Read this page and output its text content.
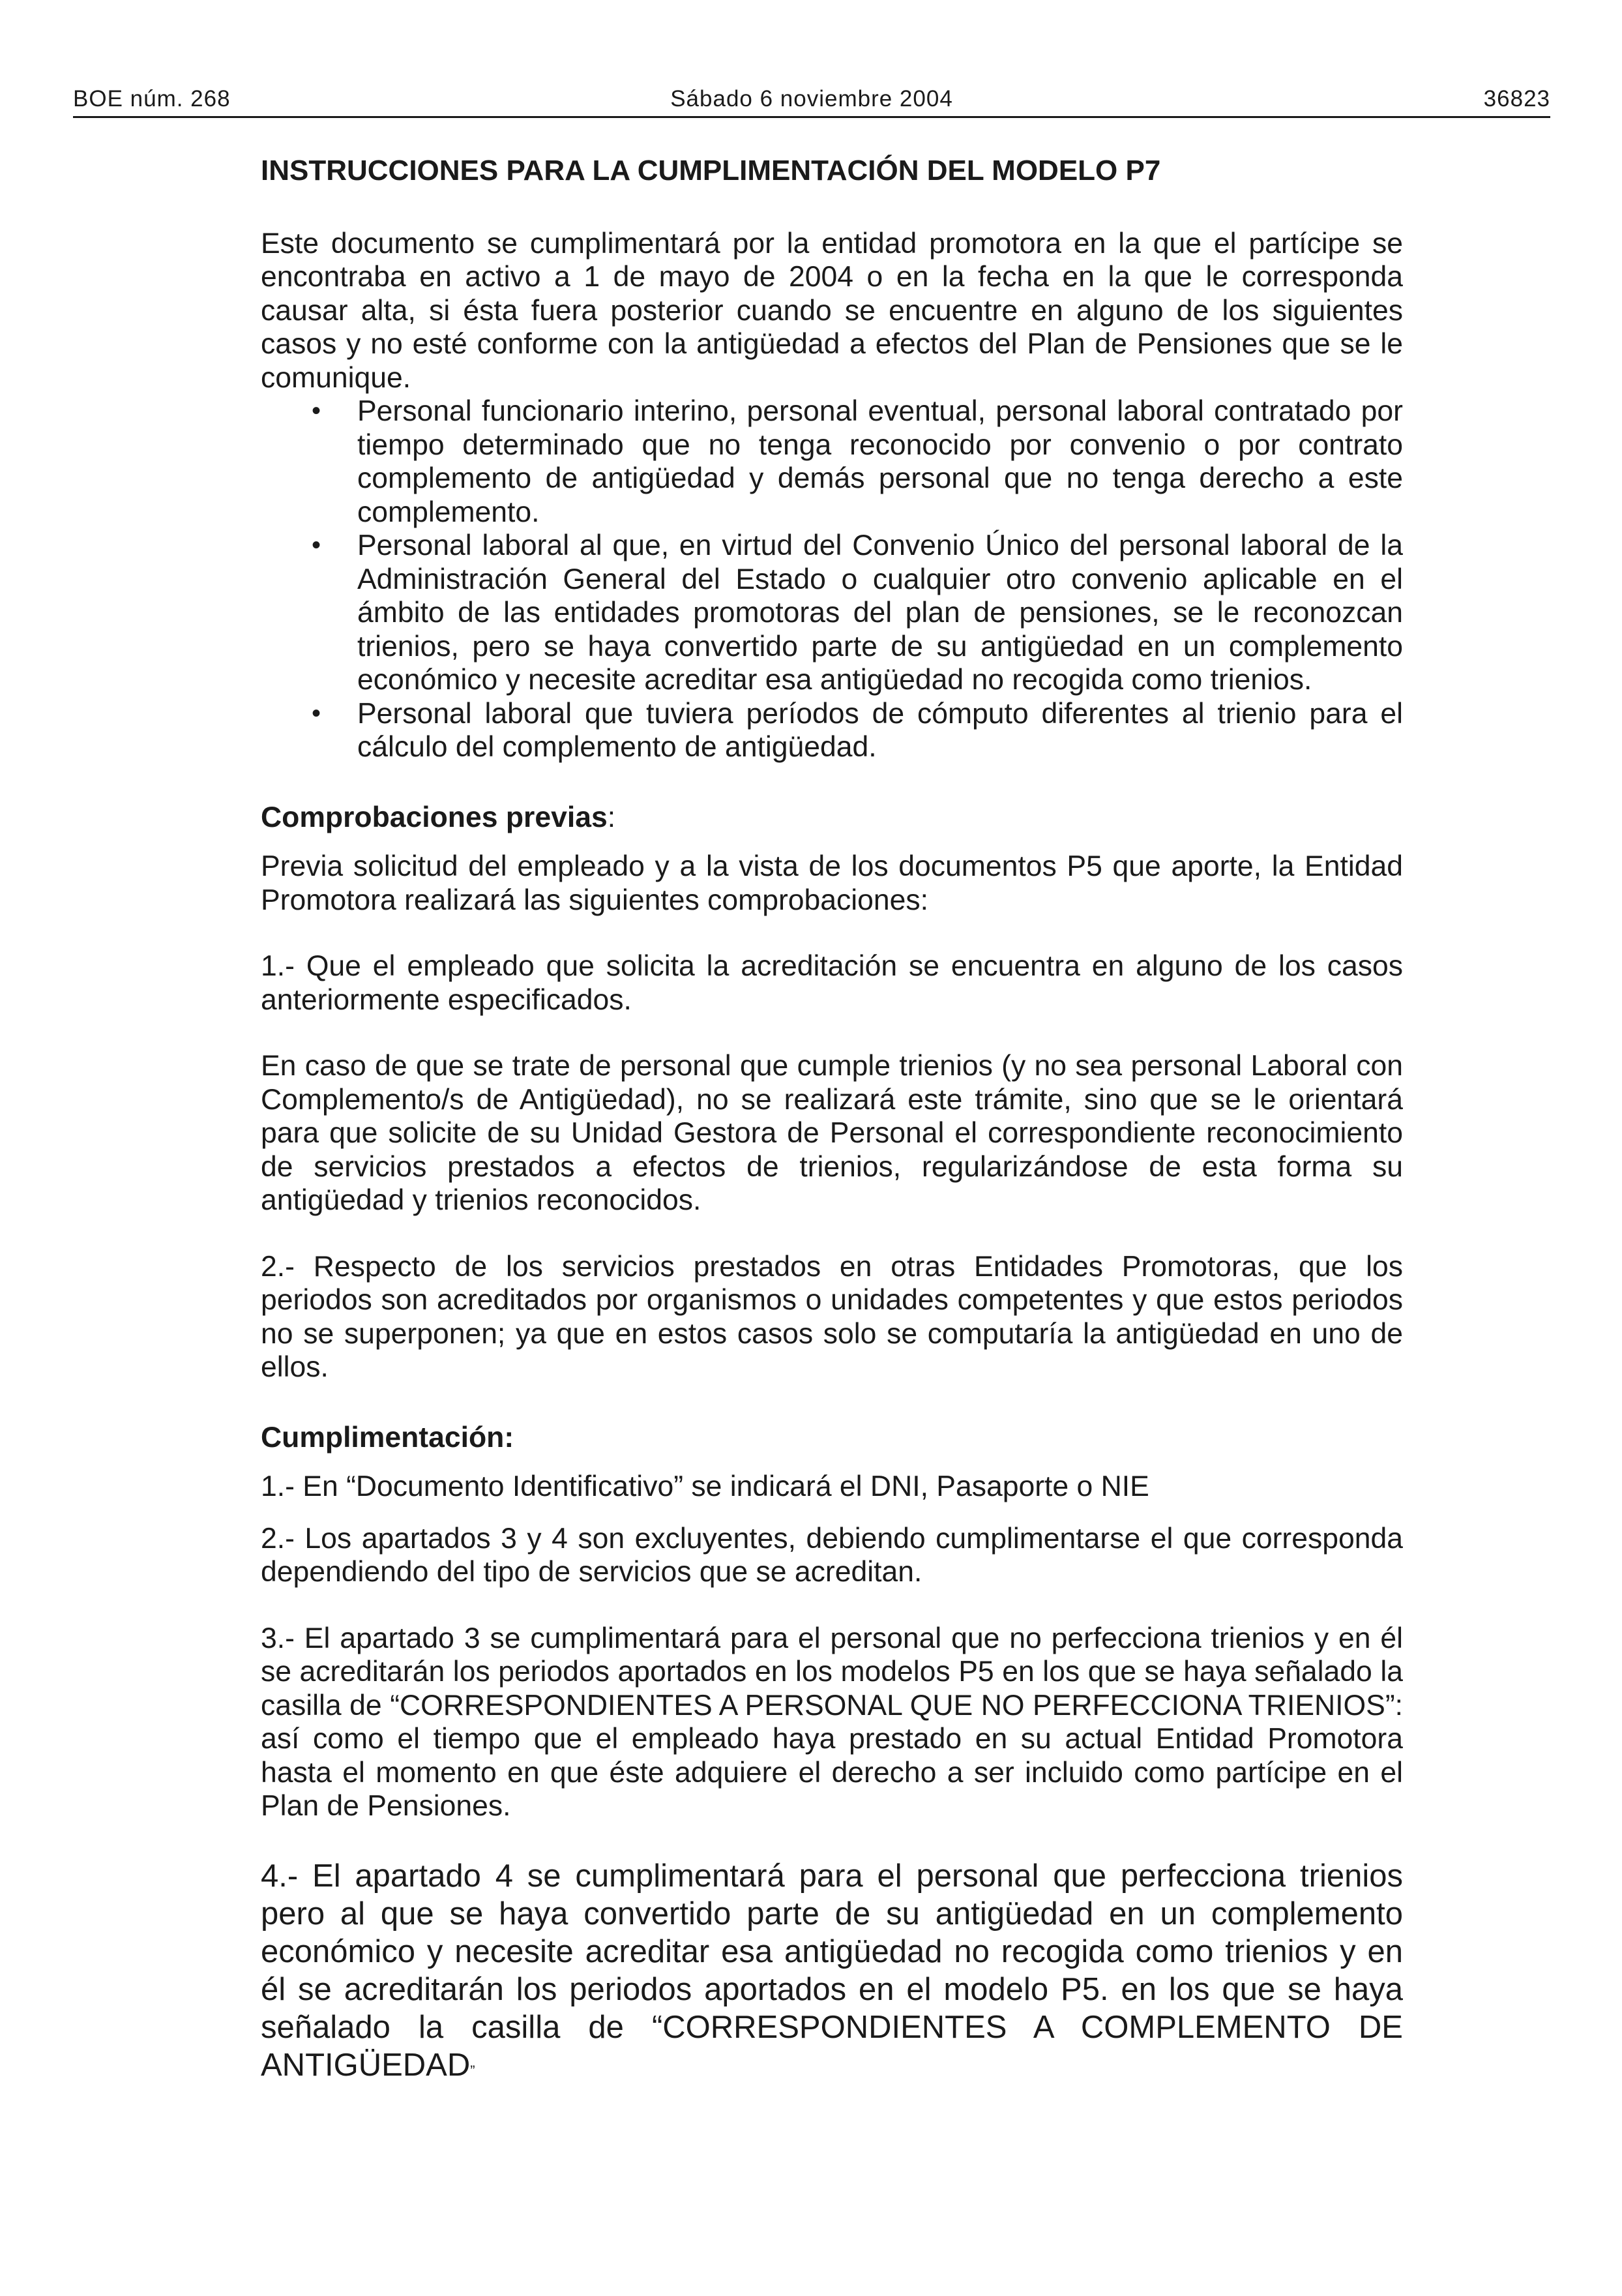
Sábado 6 noviembre 2004
BOE núm. 268	36823

INSTRUCCIONES PARA LA CUMPLIMENTACIÓN DEL MODELO P7

Este documento se cumplimentará por la entidad promotora en la que el partícipe se encontraba en activo a 1 de mayo de 2004 o en la fecha en la que le corresponda causar alta, si ésta fuera posterior cuando se encuentre en alguno de los siguientes casos y no esté conforme con la antigüedad a efectos del Plan de Pensiones que se le comunique.

• Personal funcionario interino, personal eventual, personal laboral contratado por tiempo determinado que no tenga reconocido por convenio o por contrato complemento de antigüedad y demás personal que no tenga derecho a este complemento.
• Personal laboral al que, en virtud del Convenio Único del personal laboral de la Administración General del Estado o cualquier otro convenio aplicable en el ámbito de las entidades promotoras del plan de pensiones, se le reconozcan trienios, pero se haya convertido parte de su antigüedad en un complemento económico y necesite acreditar esa antigüedad no recogida como trienios.
• Personal laboral que tuviera períodos de cómputo diferentes al trienio para el cálculo del complemento de antigüedad.

Comprobaciones previas:

Previa solicitud del empleado y a la vista de los documentos P5 que aporte, la Entidad Promotora realizará las siguientes comprobaciones:

1.- Que el empleado que solicita la acreditación se encuentra en alguno de los casos anteriormente especificados.

En caso de que se trate de personal que cumple trienios (y no sea personal Laboral con Complemento/s de Antigüedad), no se realizará este trámite, sino que se le orientará para que solicite de su Unidad Gestora de Personal el correspondiente reconocimiento de servicios prestados a efectos de trienios, regularizándose de esta forma su antigüedad y trienios reconocidos.

2.- Respecto de los servicios prestados en otras Entidades Promotoras, que los periodos son acreditados por organismos o unidades competentes y que estos periodos no se superponen; ya que en estos casos solo se computaría la antigüedad en uno de ellos.

Cumplimentación:

1.- En “Documento Identificativo” se indicará el DNI, Pasaporte o NIE

2.- Los apartados 3 y 4 son excluyentes, debiendo cumplimentarse el que corresponda dependiendo del tipo de servicios que se acreditan.

3.- El apartado 3 se cumplimentará para el personal que no perfecciona trienios y en él se acreditarán los periodos aportados en los modelos P5 en los que se haya señalado la casilla de “CORRESPONDIENTES A PERSONAL QUE NO PERFECCIONA TRIENIOS”: así como el tiempo que el empleado haya prestado en su actual Entidad Promotora hasta el momento en que éste adquiere el derecho a ser incluido como partícipe en el Plan de Pensiones.

4.- El apartado 4 se cumplimentará para el personal que perfecciona trienios pero al que se haya convertido parte de su antigüedad en un complemento económico y necesite acreditar esa antigüedad no recogida como trienios y en él se acreditarán los periodos aportados en el modelo P5. en los que se haya señalado la casilla de “CORRESPONDIENTES A COMPLEMENTO DE ANTIGÜEDAD”
